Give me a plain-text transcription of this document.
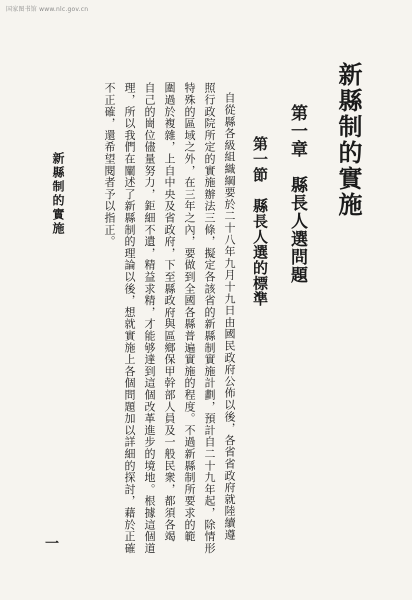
国家图书馆 www.nlc.gov.cn
新縣制的實施
第一章　縣長人選問題
第一節　縣長人選的標準
自從縣各級組織綱要於二十八年九月十九日由國民政府公佈以後，各省省政府就陸續遵
照行政院所定的實施辦法三條，擬定各該省的新縣制實施計劃，預計自二十九年起，除情形
特殊的區域之外，在三年之內，要做到全國各縣普遍實施的程度。不過新縣制所要求的範
圍過於複雜，上自中央及省政府，下至縣政府與區鄉保甲幹部人員及一般民衆，都須各竭
自己的崗位儘量努力，鉅細不遺，精益求精，才能够達到這個改革進步的境地。根據這個道
理，所以我們在闡述了新縣制的理論以後，想就實施上各個問題加以詳細的探討，藉於正確
不正確，還希望閱者予以指正。
新縣制的實施
一
